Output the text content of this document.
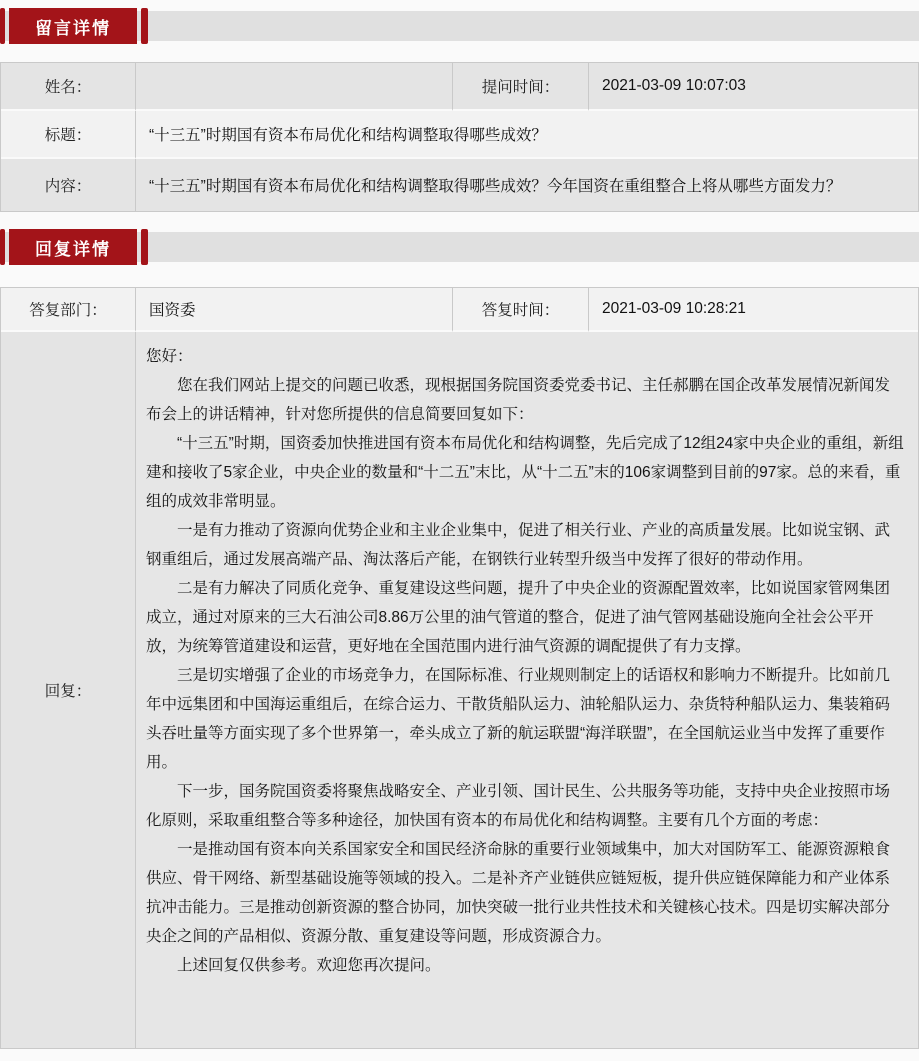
留言详情
姓名：		提问时间：	2021-03-09 10:07:03
标题：	“十三五”时期国有资本布局优化和结构调整取得哪些成效？		
内容：	“十三五”时期国有资本布局优化和结构调整取得哪些成效？今年国资在重组整合上将从哪些方面发力？		
回复详情
答复部门：	国资委	答复时间：	2021-03-09 10:28:21
回复：	

您好：

您在我们网站上提交的问题已收悉，现根据国务院国资委党委书记、主任郝鹏在国企改革发展情况新闻发布会上的讲话精神，针对您所提供的信息简要回复如下：

“十三五”时期，国资委加快推进国有资本布局优化和结构调整，先后完成了12组24家中央企业的重组，新组建和接收了5家企业，中央企业的数量和“十二五”末比，从“十二五”末的106家调整到目前的97家。总的来看，重组的成效非常明显。

一是有力推动了资源向优势企业和主业企业集中，促进了相关行业、产业的高质量发展。比如说宝钢、武钢重组后，通过发展高端产品、淘汰落后产能，在钢铁行业转型升级当中发挥了很好的带动作用。

二是有力解决了同质化竞争、重复建设这些问题，提升了中央企业的资源配置效率，比如说国家管网集团成立，通过对原来的三大石油公司8.86万公里的油气管道的整合，促进了油气管网基础设施向全社会公平开放，为统筹管道建设和运营，更好地在全国范围内进行油气资源的调配提供了有力支撑。

三是切实增强了企业的市场竞争力，在国际标准、行业规则制定上的话语权和影响力不断提升。比如前几年中远集团和中国海运重组后，在综合运力、干散货船队运力、油轮船队运力、杂货特种船队运力、集装箱码头吞吐量等方面实现了多个世界第一，牵头成立了新的航运联盟“海洋联盟”，在全国航运业当中发挥了重要作用。

下一步，国务院国资委将聚焦战略安全、产业引领、国计民生、公共服务等功能，支持中央企业按照市场化原则，采取重组整合等多种途径，加快国有资本的布局优化和结构调整。主要有几个方面的考虑：

一是推动国有资本向关系国家安全和国民经济命脉的重要行业领域集中，加大对国防军工、能源资源粮食供应、骨干网络、新型基础设施等领域的投入。二是补齐产业链供应链短板，提升供应链保障能力和产业体系抗冲击能力。三是推动创新资源的整合协同，加快突破一批行业共性技术和关键核心技术。四是切实解决部分央企之间的产品相似、资源分散、重复建设等问题，形成资源合力。

上述回复仅供参考。欢迎您再次提问。
